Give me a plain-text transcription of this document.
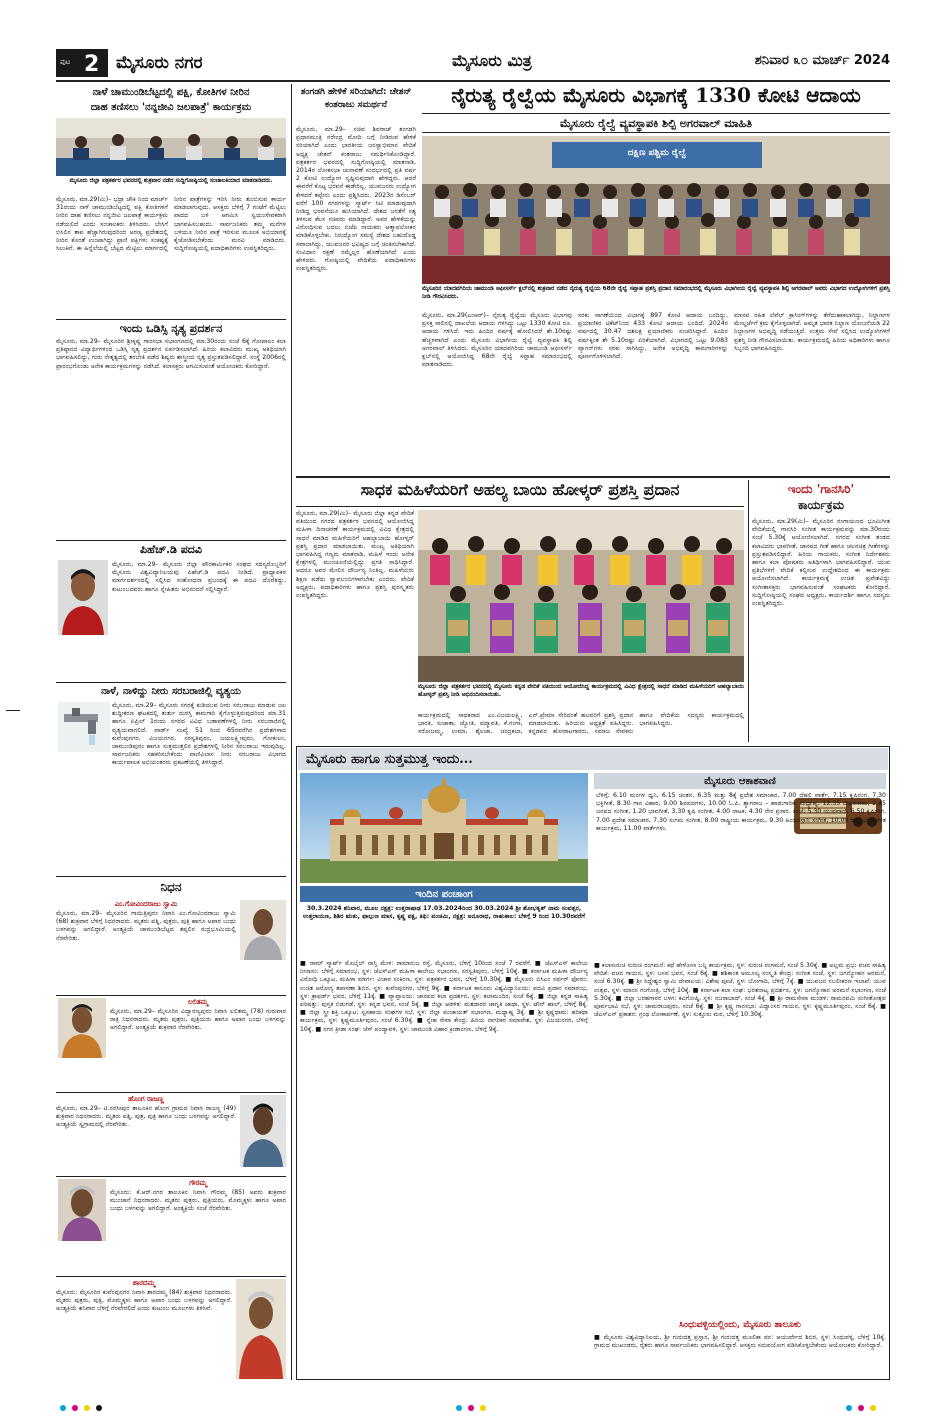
ಪುಟ 2 ಮೈಸೂರು ನಗರ	ಮೈಸೂರು ಮಿತ್ರ	ಶನಿವಾರ ೩೦ ಮಾರ್ಚ್ 2024
ನಾಳೆ ಚಾಮುಂಡಿಬೆಟ್ಟದಲ್ಲಿ ಪಕ್ಷಿ, ಕೋತಿಗಳ ನೀರಿನ
ದಾಹ ತಣಿಸಲು 'ನನ್ನಜೀವಿ ಜಲಪಾತ್ರೆ' ಕಾರ್ಯಕ್ರಮ
ಮೈಸೂರು ಜಿಲ್ಲಾ ಪತ್ರಕರ್ತರ ಭವನದಲ್ಲಿ ಶುಕ್ರವಾರ ನಡೆದ ಸುದ್ದಿಗೋಷ್ಠಿಯಲ್ಲಿ ಸಂಚಾಲಕಿಯಾದ ಮಾತನಾಡಿದರು.
ಮೈಸೂರು, ಮಾ.29(ಮಿ)– ಭದ್ರಾ ಚೌಕಿ ನಿಂದ ಮಾರ್ಚ್ 31ರಂದು ನಾಳೆ ಚಾಮುಂಡಿಬೆಟ್ಟದಲ್ಲಿ ಪಕ್ಷಿ ಕೋತಿಗಳಿಗೆ ನೀರಿನ ದಾಹ ತಣಿಸಲು ನನ್ನಜೀವಿ ಜಲಪಾತ್ರೆ ಕಾರ್ಯಕ್ರಮ ನಡೆಯಲಿದೆ ಎಂದು ಸಂಚಾಲಕರು ತಿಳಿಸಿದರು. ಬೇಸಿಗೆ ಬಿಸಿಲಿನ ತಾಪ ಹೆಚ್ಚಾಗಿರುವುದರಿಂದ ಅರಣ್ಯ ಪ್ರದೇಶದಲ್ಲಿ ನೀರಿನ ಕೊರತೆ ಉಂಟಾಗಿದ್ದು ಪ್ರಾಣಿ ಪಕ್ಷಿಗಳು ಸಂಕಷ್ಟಕ್ಕೆ ಸಿಲುಕಿವೆ. ಈ ಹಿನ್ನೆಲೆಯಲ್ಲಿ ಬೆಟ್ಟದ ಮೆಟ್ಟಿಲು ಮಾರ್ಗದಲ್ಲಿ ನೀರಿನ ಪಾತ್ರೆಗಳನ್ನು ಇರಿಸಿ ನೀರು ತುಂಬಿಸುವ ಕಾರ್ಯ ಮಾಡಲಾಗುವುದು. ಆಸಕ್ತರು ಬೆಳಿಗ್ಗೆ 7 ಗಂಟೆಗೆ ಮೆಟ್ಟಿಲು ಪಾದದ ಬಳಿ ಆಗಮಿಸಿ ಸ್ವಯಂಸೇವಕರಾಗಿ ಭಾಗವಹಿಸಬಹುದು. ಸಾರ್ವಜನಿಕರು ತಮ್ಮ ಮನೆಗಳ ಬಳಿಯೂ ನೀರಿನ ಪಾತ್ರೆ ಇರಿಸುವ ಮೂಲಕ ಅಭಿಯಾನಕ್ಕೆ ಕೈಜೋಡಿಸಬೇಕೆಂದು ಮನವಿ ಮಾಡಿದರು. ಸುದ್ದಿಗೋಷ್ಠಿಯಲ್ಲಿ ಪದಾಧಿಕಾರಿಗಳು ಉಪಸ್ಥಿತರಿದ್ದರು.
ಇಂದು ಒಡಿಸ್ಸಿ ನೃತ್ಯ ಪ್ರದರ್ಶನ
ಮೈಸೂರು, ಮಾ.29– ಮೈಸೂರಿನ ಶ್ರೀಕೃಷ್ಣ ಗಾನಸಭಾ ಸಭಾಂಗಣದಲ್ಲಿ ಮಾ.30ರಂದು ಸಂಜೆ 6ಕ್ಕೆ ಗೋಪಾಲಂ ಕಲಾ ಪ್ರತಿಷ್ಠಾನದ ವಿದ್ಯಾರ್ಥಿಗಳಿಂದ ಒಡಿಸ್ಸಿ ನೃತ್ಯ ಪ್ರದರ್ಶನ ಏರ್ಪಡಿಸಲಾಗಿದೆ. ಹಿರಿಯ ಕಲಾವಿದರು ಮುಖ್ಯ ಅತಿಥಿಯಾಗಿ ಭಾಗವಹಿಸಲಿದ್ದು, ಗುರು ನೇತೃತ್ವದಲ್ಲಿ ತರಬೇತಿ ಪಡೆದ ಶಿಷ್ಯರು ಶಾಸ್ತ್ರೀಯ ನೃತ್ಯ ಪ್ರಸ್ತುತಪಡಿಸಲಿದ್ದಾರೆ. ಸಂಸ್ಥೆ 2006ರಲ್ಲಿ ಪ್ರಾರಂಭಗೊಂಡು ಅನೇಕ ಕಾರ್ಯಕ್ರಮಗಳನ್ನು ನಡೆಸಿದೆ. ಕಲಾಸಕ್ತರು ಆಗಮಿಸುವಂತೆ ಆಯೋಜಕರು ಕೋರಿದ್ದಾರೆ.
ಪಿಹೆಚ್.ಡಿ ಪದವಿ
ಮೈಸೂರು, ಮಾ.29– ಮೈಸೂರು ಜಿಲ್ಲಾ ಪೌರಕಾರ್ಮಿಕರ ಸಂಘದ ಸದಸ್ಯರೊಬ್ಬರಿಗೆ ಮೈಸೂರು ವಿಶ್ವವಿದ್ಯಾನಿಲಯವು ಪಿಹೆಚ್.ಡಿ ಪದವಿ ನೀಡಿದೆ. ಪ್ರಾಧ್ಯಾಪಕರ ಮಾರ್ಗದರ್ಶನದಲ್ಲಿ ಸಲ್ಲಿಸಿದ ಸಂಶೋಧನಾ ಪ್ರಬಂಧಕ್ಕೆ ಈ ಪದವಿ ದೊರೆತಿದ್ದು, ಕುಟುಂಬದವರು ಹಾಗೂ ಸ್ನೇಹಿತರು ಅಭಿನಂದನೆ ಸಲ್ಲಿಸಿದ್ದಾರೆ.
ನಾಳೆ, ನಾಳಿದ್ದು ನೀರು ಸರಬರಾಜಿಲ್ಲಿ ವ್ಯತ್ಯಯ
ಮೈಸೂರು, ಮಾ.29– ಮೈಸೂರು ನಗರಕ್ಕೆ ಕುಡಿಯುವ ನೀರು ಸರಬರಾಜು ಮಾಡುವ ಜಲ ಶುದ್ಧೀಕರಣ ಘಟಕದಲ್ಲಿ ತುರ್ತು ದುರಸ್ತಿ ಕಾಮಗಾರಿ ಕೈಗೊಳ್ಳುತ್ತಿರುವುದರಿಂದ ಮಾ.31 ಹಾಗೂ ಏಪ್ರಿಲ್ 1ರಂದು ನಗರದ ವಿವಿಧ ಬಡಾವಣೆಗಳಲ್ಲಿ ನೀರು ಸರಬರಾಜಿನಲ್ಲಿ ವ್ಯತ್ಯಯವಾಗಲಿದೆ. ವಾರ್ಡ್ ಸಂಖ್ಯೆ 51 ರಿಂದ 65ರವರೆಗಿನ ಪ್ರದೇಶಗಳಾದ ಕುವೆಂಪುನಗರ, ವಿಜಯನಗರ, ಸರಸ್ವತಿಪುರಂ, ಜಯಲಕ್ಷ್ಮೀಪುರಂ, ಗೋಕುಲಂ, ಚಾಮುಂಡಿಪುರಂ ಹಾಗೂ ಸುತ್ತಮುತ್ತಲಿನ ಪ್ರದೇಶಗಳಲ್ಲಿ ನೀರಿನ ಸರಬರಾಜು ಇರುವುದಿಲ್ಲ. ಸಾರ್ವಜನಿಕರು ಸಹಕರಿಸಬೇಕೆಂದು ವಾಣಿವಿಲಾಸ ನೀರು ಸರಬರಾಜು ವಿಭಾಗದ ಕಾರ್ಯಪಾಲಕ ಅಭಿಯಂತರರು ಪ್ರಕಟಣೆಯಲ್ಲಿ ತಿಳಿಸಿದ್ದಾರೆ.
ನಿಧನ
ಎಂ.ಗೋವಿಂದರಾಜು ಸ್ವಾಮಿ
ಮೈಸೂರು, ಮಾ.29– ಮೈಸೂರಿನ ಗಾಯಿತ್ರಿಪುರಂ ನಿವಾಸಿ ಎಂ.ಗೋವಿಂದರಾಜು ಸ್ವಾಮಿ (68) ಶುಕ್ರವಾರ ಬೆಳಿಗ್ಗೆ ನಿಧನರಾದರು. ಮೃತರು ಪತ್ನಿ, ಪುತ್ರರು, ಪುತ್ರಿ ಹಾಗೂ ಅಪಾರ ಬಂಧು ಬಳಗವನ್ನು ಅಗಲಿದ್ದಾರೆ. ಅಂತ್ಯಕ್ರಿಯೆ ಚಾಮುಂಡಿಬೆಟ್ಟದ ತಪ್ಪಲಿನ ರುದ್ರಭೂಮಿಯಲ್ಲಿ ನೆರವೇರಿತು.
ಲಲಿತಮ್ಮ
ಮೈಸೂರು, ಮಾ.29– ಮೈಸೂರಿನ ವಿದ್ಯಾರಣ್ಯಪುರಂ ನಿವಾಸಿ ಲಲಿತಮ್ಮ (78) ಗುರುವಾರ ರಾತ್ರಿ ನಿಧನರಾದರು. ಮೃತರು ಪುತ್ರರು, ಪುತ್ರಿಯರು ಹಾಗೂ ಅಪಾರ ಬಂಧು ಬಳಗವನ್ನು ಅಗಲಿದ್ದಾರೆ. ಅಂತ್ಯಕ್ರಿಯೆ ಶುಕ್ರವಾರ ನೆರವೇರಿತು.
ಹೊಂಗ ರಾಜಣ್ಣ
ಮೈಸೂರು, ಮಾ.29– ಟಿ.ನರಸೀಪುರ ತಾಲೂಕಿನ ಹೊಂಗ ಗ್ರಾಮದ ನಿವಾಸಿ ರಾಜಣ್ಣ (49) ಶುಕ್ರವಾರ ನಿಧನರಾದರು. ಮೃತರು ಪತ್ನಿ, ಪುತ್ರ, ಪುತ್ರಿ ಹಾಗೂ ಬಂಧು ಬಳಗವನ್ನು ಅಗಲಿದ್ದಾರೆ. ಅಂತ್ಯಕ್ರಿಯೆ ಸ್ವಗ್ರಾಮದಲ್ಲಿ ನೆರವೇರಿತು.
ಗೌರಮ್ಮ
ಮೈಸೂರು: ಕೆ.ಆರ್.ನಗರ ತಾಲೂಕಿನ ನಿವಾಸಿ ಗೌರಮ್ಮ (85) ಅವರು ಶುಕ್ರವಾರ ಮುಂಜಾನೆ ನಿಧನರಾದರು. ಮೃತರು ಪುತ್ರರು, ಪುತ್ರಿಯರು, ಮೊಮ್ಮಕ್ಕಳು ಹಾಗೂ ಅಪಾರ ಬಂಧು ಬಳಗವನ್ನು ಅಗಲಿದ್ದಾರೆ. ಅಂತ್ಯಕ್ರಿಯೆ ಸಂಜೆ ನೆರವೇರಿತು.
ಶಾರದಮ್ಮ
ಮೈಸೂರು: ಮೈಸೂರಿನ ಕುವೆಂಪುನಗರ ನಿವಾಸಿ ಶಾರದಮ್ಮ (84) ಶುಕ್ರವಾರ ನಿಧನರಾದರು. ಮೃತರು ಪುತ್ರರು, ಪುತ್ರಿ, ಮೊಮ್ಮಕ್ಕಳು ಹಾಗೂ ಅಪಾರ ಬಂಧು ಬಳಗವನ್ನು ಅಗಲಿದ್ದಾರೆ. ಅಂತ್ಯಕ್ರಿಯೆ ಶನಿವಾರ ಬೆಳಿಗ್ಗೆ ನೆರವೇರಲಿದೆ ಎಂದು ಕುಟುಂಬ ಮೂಲಗಳು ತಿಳಿಸಿವೆ.
ತಂಗಡಗಿ ಹೇಳಿಕೆ ಸರಿಯಾಗಿದೆ: ಚೇತನ್ ಕಂತರಾಜು ಸಮರ್ಥನೆ
ಮೈಸೂರು, ಮಾ.29– ಸಚಿವ ಶಿವರಾಜ್ ತಂಗಡಗಿ ಪ್ರಧಾನಮಂತ್ರಿ ನರೇಂದ್ರ ಮೋದಿ ಬಗ್ಗೆ ನೀಡಿರುವ ಹೇಳಿಕೆ ಸರಿಯಾಗಿದೆ ಎಂದು ಭಾರತೀಯ ಜನಸ್ವಾಭಿಮಾನ ವೇದಿಕೆ ಅಧ್ಯಕ್ಷ ಚೇತನ್ ಕಂತರಾಜು ಸಮರ್ಥಿಸಿಕೊಂಡಿದ್ದಾರೆ. ಪತ್ರಕರ್ತರ ಭವನದಲ್ಲಿ ಸುದ್ದಿಗೋಷ್ಠಿಯಲ್ಲಿ ಮಾತನಾಡಿ, 2014ರ ಲೋಕಸಭಾ ಚುನಾವಣೆ ಸಂದರ್ಭದಲ್ಲಿ ಪ್ರತಿ ವರ್ಷ 2 ಕೋಟಿ ಉದ್ಯೋಗ ಸೃಷ್ಟಿಸುವುದಾಗಿ ಹೇಳಿದ್ದರು. ಆದರೆ ಈವರೆಗೆ ಕೊಟ್ಟ ಭರವಸೆ ಈಡೇರಿಲ್ಲ. ಯುವಜನರು ಉದ್ಯೋಗ ಕೇಳಿದರೆ ತಪ್ಪೇನು ಎಂದು ಪ್ರಶ್ನಿಸಿದರು. 2023ರ ಡಿಸೆಂಬರ್ ವರೆಗೆ 100 ನಗರಗಳನ್ನು ಸ್ಮಾರ್ಟ್ ಸಿಟಿ ಮಾಡುವುದಾಗಿ ನೀಡಿದ್ದ ಭರವಸೆಯೂ ಹುಸಿಯಾಗಿದೆ. ದೇಶದ ಜನತೆಗೆ ಸತ್ಯ ತಿಳಿಸುವ ಕೆಲಸ ಸಚಿವರು ಮಾಡಿದ್ದಾರೆ. ಅವರ ಹೇಳಿಕೆಯನ್ನು ವಿರೋಧಿಸುವ ಬದಲು ಬಿಜೆಪಿ ನಾಯಕರು ಆತ್ಮಾವಲೋಕನ ಮಾಡಿಕೊಳ್ಳಬೇಕು. ನಿರುದ್ಯೋಗ ಸಮಸ್ಯೆ ದೇಶದ ಬಹುದೊಡ್ಡ ಸವಾಲಾಗಿದ್ದು, ಯುವಜನರ ಭವಿಷ್ಯದ ಬಗ್ಗೆ ಚಿಂತಿಸಬೇಕಾಗಿದೆ. ಸಂವಿಧಾನ ರಕ್ಷಣೆ ನಮ್ಮೆಲ್ಲರ ಹೊಣೆಯಾಗಿದೆ ಎಂದು ಹೇಳಿದರು. ಗೋಷ್ಠಿಯಲ್ಲಿ ವೇದಿಕೆಯ ಪದಾಧಿಕಾರಿಗಳು ಉಪಸ್ಥಿತರಿದ್ದರು.
ನೈರುತ್ಯ ರೈಲ್ವೆಯ ಮೈಸೂರು ವಿಭಾಗಕ್ಕೆ 1330 ಕೋಟಿ ಆದಾಯ
ಮೈಸೂರು ರೈಲ್ವೆ ವ್ಯವಸ್ಥಾಪಕಿ ಶಿಲ್ಪಿ ಅಗರವಾಲ್ ಮಾಹಿತಿ
ದಕ್ಷಿಣ ಪಶ್ಚಿಮ ರೈಲ್ವೆ
ಮೈಸೂರಿನ ಯಾದವಗಿರಿಯ ಚಾಮುಂಡಿ ಆಫೀಸರ್ಸ್ ಕ್ಲಬ್‌ನಲ್ಲಿ ಶುಕ್ರವಾರ ನಡೆದ ನೈರುತ್ಯ ರೈಲ್ವೆಯ 68ನೇ ರೈಲ್ವೆ ಸಪ್ತಾಹ ಪ್ರಶಸ್ತಿ ಪ್ರದಾನ ಸಮಾರಂಭದಲ್ಲಿ ಮೈಸೂರು ವಿಭಾಗೀಯ ರೈಲ್ವೆ ವ್ಯವಸ್ಥಾಪಕಿ ಶಿಲ್ಪಿ ಅಗರವಾಲ್ ಅವರು ವಿಭಾಗದ ಉದ್ಯೋಗಿಗಳಿಗೆ ಪ್ರಶಸ್ತಿ ನೀಡಿ ಗೌರವಿಸಿದರು.
ಮೈಸೂರು, ಮಾ.29(ಎಂಆರ್)– ನೈರುತ್ಯ ರೈಲ್ವೆಯ ಮೈಸೂರು ವಿಭಾಗವು ಪ್ರಸಕ್ತ ಸಾಲಿನಲ್ಲಿ ದಾಖಲೆಯ ಆದಾಯ ಗಳಿಸಿದ್ದು ಒಟ್ಟು 1330 ಕೋಟಿ ರೂ. ಆದಾಯ ಗಳಿಸಿದೆ. ಇದು ಹಿಂದಿನ ವರ್ಷಕ್ಕೆ ಹೋಲಿಸಿದರೆ ಶೇ.10ರಷ್ಟು ಹೆಚ್ಚಳವಾಗಿದೆ ಎಂದು ಮೈಸೂರು ವಿಭಾಗೀಯ ರೈಲ್ವೆ ವ್ಯವಸ್ಥಾಪಕಿ ಶಿಲ್ಪಿ ಅಗರವಾಲ್ ತಿಳಿಸಿದರು. ಮೈಸೂರಿನ ಯಾದವಗಿರಿಯ ಚಾಮುಂಡಿ ಆಫೀಸರ್ಸ್ ಕ್ಲಬ್‌ನಲ್ಲಿ ಆಯೋಜಿಸಿದ್ದ 68ನೇ ರೈಲ್ವೆ ಸಪ್ತಾಹ ಸಮಾರಂಭದಲ್ಲಿ ಮಾತನಾಡಿದರು.
ಸರಕು ಸಾಗಣೆಯಿಂದ ವಿಭಾಗಕ್ಕೆ 897 ಕೋಟಿ ಆದಾಯ ಬಂದಿದ್ದು, ಪ್ರಯಾಣಿಕರ ಟಿಕೆಟ್‌ನಿಂದ 433 ಕೋಟಿ ಆದಾಯ ಬಂದಿದೆ. 2024ರ ವರ್ಷದಲ್ಲಿ 30.47 ದಶಲಕ್ಷ ಪ್ರಯಾಣಿಕರು ಸಂಚರಿಸಿದ್ದಾರೆ. ಹಿಂದಿನ ವರ್ಷಕ್ಕಿಂತ ಶೇ 5.10ರಷ್ಟು ಏರಿಕೆಯಾಗಿದೆ. ವಿಭಾಗದಲ್ಲಿ ಒಟ್ಟು 9,083 ವ್ಯಾಗನ್‌ಗಳು ಸರಕು ಸಾಗಿಸಿದ್ದು, ಅನೇಕ ಅಭಿವೃದ್ಧಿ ಕಾಮಗಾರಿಗಳನ್ನು ಪೂರ್ಣಗೊಳಿಸಲಾಗಿದೆ.
ಮಾನವ ರಹಿತ ಲೆವೆಲ್ ಕ್ರಾಸಿಂಗ್‌ಗಳನ್ನು ತೆಗೆದುಹಾಕಲಾಗಿದ್ದು, ನಿಲ್ದಾಣಗಳ ಮೇಲ್ದರ್ಜೆಗೆ ಕ್ರಮ ಕೈಗೊಳ್ಳಲಾಗಿದೆ. ಅಮೃತ ಭಾರತ ನಿಲ್ದಾಣ ಯೋಜನೆಯಡಿ 22 ನಿಲ್ದಾಣಗಳ ಅಭಿವೃದ್ಧಿ ನಡೆಯುತ್ತಿದೆ. ಉತ್ತಮ ಸೇವೆ ಸಲ್ಲಿಸಿದ ಉದ್ಯೋಗಿಗಳಿಗೆ ಪ್ರಶಸ್ತಿ ನೀಡಿ ಗೌರವಿಸಲಾಯಿತು. ಕಾರ್ಯಕ್ರಮದಲ್ಲಿ ಹಿರಿಯ ಅಧಿಕಾರಿಗಳು ಹಾಗೂ ಸಿಬ್ಬಂದಿ ಭಾಗವಹಿಸಿದ್ದರು.
ಸಾಧಕ ಮಹಿಳೆಯರಿಗೆ ಅಹಲ್ಯ ಬಾಯಿ ಹೋಳ್ಕರ್ ಪ್ರಶಸ್ತಿ ಪ್ರದಾನ
ಮೈಸೂರು, ಮಾ.29(ಮಿ)– ಮೈಸೂರು ಜಿಲ್ಲಾ ಕನ್ನಡ ವೇದಿಕೆ ವತಿಯಿಂದ ನಗರದ ಪತ್ರಕರ್ತರ ಭವನದಲ್ಲಿ ಆಯೋಜಿಸಿದ್ದ ಮಹಿಳಾ ದಿನಾಚರಣೆ ಕಾರ್ಯಕ್ರಮದಲ್ಲಿ ವಿವಿಧ ಕ್ಷೇತ್ರದಲ್ಲಿ ಸಾಧನೆ ಮಾಡಿದ ಮಹಿಳೆಯರಿಗೆ ಅಹಲ್ಯಾಬಾಯಿ ಹೋಳ್ಕರ್ ಪ್ರಶಸ್ತಿ ಪ್ರದಾನ ಮಾಡಲಾಯಿತು. ಮುಖ್ಯ ಅತಿಥಿಯಾಗಿ ಭಾಗವಹಿಸಿದ್ದ ಗಣ್ಯರು ಮಾತನಾಡಿ, ಮಹಿಳೆ ಇಂದು ಅನೇಕ ಕ್ಷೇತ್ರಗಳಲ್ಲಿ ಮುಂಚೂಣಿಯಲ್ಲಿದ್ದು ಪ್ರಗತಿ ಸಾಧಿಸಿದ್ದಾರೆ. ಆದರೂ ಅವರ ಮೇಲಿನ ದೌರ್ಜನ್ಯ ನಿಂತಿಲ್ಲ. ಮಹಿಳೆಯರು ಶಿಕ್ಷಣ ಪಡೆದು ಸ್ವಾವಲಂಬಿಗಳಾಗಬೇಕು ಎಂದರು. ವೇದಿಕೆ ಅಧ್ಯಕ್ಷರು, ಪದಾಧಿಕಾರಿಗಳು ಹಾಗೂ ಪ್ರಶಸ್ತಿ ಪುರಸ್ಕೃತರು ಉಪಸ್ಥಿತರಿದ್ದರು.
ಮೈಸೂರು ಜಿಲ್ಲಾ ಪತ್ರಕರ್ತರ ಭವನದಲ್ಲಿ ಮೈಸೂರು ಕನ್ನಡ ವೇದಿಕೆ ವತಿಯಿಂದ ಆಯೋಜಿಸಿದ್ದ ಕಾರ್ಯಕ್ರಮದಲ್ಲಿ ವಿವಿಧ ಕ್ಷೇತ್ರದಲ್ಲಿ ಸಾಧನೆ ಮಾಡಿದ ಮಹಿಳೆಯರಿಗೆ ಅಹಲ್ಯಾಬಾಯಿ ಹೋಳ್ಕರ್ ಪ್ರಶಸ್ತಿ ನೀಡಿ ಅಭಿನಂದಿಸಲಾಯಿತು.
ಕಾರ್ಯಕ್ರಮದಲ್ಲಿ ಸಾಧಕರಾದ ಎಂ.ವಿಜಯಲಕ್ಷ್ಮಿ, ಭಾರತಿ, ಸುಜಾತಾ, ಜ್ಯೋತಿ, ಪದ್ಮಾವತಿ, ಕೆ.ಗಂಗಾ, ಸರೋಜಮ್ಮ, ಉಮಾ, ಶೈಲಜಾ, ಚಂದ್ರಕಲಾ, ಎನ್.ಪ್ರೇಮಾ ಸೇರಿದಂತೆ ಹಲವರಿಗೆ ಪ್ರಶಸ್ತಿ ಪ್ರದಾನ ಮಾಡಲಾಯಿತು. ಹಿರಿಯರು ಅಧ್ಯಕ್ಷತೆ ವಹಿಸಿದ್ದರು. ಕನ್ನಡಪರ ಹೋರಾಟಗಾರರು, ಸಮಾಜ ಸೇವಕರು ಹಾಗೂ ವೇದಿಕೆಯ ಸದಸ್ಯರು ಕಾರ್ಯಕ್ರಮದಲ್ಲಿ ಭಾಗವಹಿಸಿದ್ದರು.
ಇಂದು 'ಗಾನಸಿರಿ'
ಕಾರ್ಯಕ್ರಮ
ಮೈಸೂರು, ಮಾ.29(ಮಿ)– ಮೈಸೂರಿನ ರಂಗಾಯಣದ ಭೂಮಿಗೀತ ವೇದಿಕೆಯಲ್ಲಿ ಗಾನಸಿರಿ ಸಂಗೀತ ಕಾರ್ಯಕ್ರಮವನ್ನು ಮಾ.30ರಂದು ಸಂಜೆ 5.30ಕ್ಕೆ ಆಯೋಜಿಸಲಾಗಿದೆ. ನಗರದ ಸಂಗೀತ ತಂಡದ ಕಲಾವಿದರು ಭಾವಗೀತೆ, ಜಾನಪದ ಗೀತೆ ಹಾಗೂ ಚಲನಚಿತ್ರ ಗೀತೆಗಳನ್ನು ಪ್ರಸ್ತುತಪಡಿಸಲಿದ್ದಾರೆ. ಹಿರಿಯ ಗಾಯಕರು, ಸಂಗೀತ ನಿರ್ದೇಶಕರು ಹಾಗೂ ಕಲಾ ಪೋಷಕರು ಅತಿಥಿಗಳಾಗಿ ಭಾಗವಹಿಸಲಿದ್ದಾರೆ. ಯುವ ಪ್ರತಿಭೆಗಳಿಗೆ ವೇದಿಕೆ ಕಲ್ಪಿಸುವ ಉದ್ದೇಶದಿಂದ ಈ ಕಾರ್ಯಕ್ರಮ ಆಯೋಜಿಸಲಾಗಿದೆ. ಕಾರ್ಯಕ್ರಮಕ್ಕೆ ಉಚಿತ ಪ್ರವೇಶವಿದ್ದು ಸಂಗೀತಾಸಕ್ತರು ಭಾಗವಹಿಸುವಂತೆ ಸಂಘಟಕರು ಕೋರಿದ್ದಾರೆ. ಸುದ್ದಿಗೋಷ್ಠಿಯಲ್ಲಿ ಸಂಘದ ಅಧ್ಯಕ್ಷರು, ಕಾರ್ಯದರ್ಶಿ ಹಾಗೂ ಸದಸ್ಯರು ಉಪಸ್ಥಿತರಿದ್ದರು.
ಮೈಸೂರು ಹಾಗೂ ಸುತ್ತಮುತ್ತ ಇಂದು...
ಇಂದಿನ ಪಂಚಾಂಗ
30.3.2024 ಶನಿವಾರ, ಮೂಲ ನಕ್ಷತ್ರ: ಉತ್ತರಾಷಾಢ 17.03.2024ರಿಂದ 30.03.2024 ಶ್ರೀ ಶೋಭಕೃತ್ ನಾಮ ಸಂವತ್ಸರ, ಉತ್ತರಾಯಣ, ಶಿಶಿರ ಋತು, ಫಾಲ್ಗುಣ ಮಾಸ, ಕೃಷ್ಣ ಪಕ್ಷ, ತಿಥಿ: ಪಂಚಮಿ, ನಕ್ಷತ್ರ: ಅನೂರಾಧ, ರಾಹುಕಾಲ: ಬೆಳಿಗ್ಗೆ 9 ರಿಂದ 10.30ರವರೆಗೆ
ಮೈಸೂರು ಆಕಾಶವಾಣಿ
ಬೆಳಿಗ್ಗೆ: 6.10 ಮಂಗಳ ಧ್ವನಿ, 6.15 ಚಿಂತನ, 6.35 ಮತ್ತು 8ಕ್ಕೆ ಪ್ರದೇಶ ಸಮಾಚಾರ, 7.00 ದೆಹಲಿ ವಾರ್ತೆ, 7.15 ಕೃಷಿರಂಗ, 7.30 ಭಕ್ತಿಗೀತೆ, 8.30 ಗಾನ ವಿಹಾರ, 9.00 ಶಿವಪದಗಳು, 10.00 ಓ.ಪಿ. ತ್ಯಾಗರಾಜ – ಹಾಡುಗಾರಿಕೆ. ಮಧ್ಯಾಹ್ನ: 12.35 ದೇವರನಾಮ, 2.45 ಜನಪದ ಸಂಗೀತ, 1.20 ಭಾವಗೀತೆ, 3.30 ಕೃಷಿ ಸಂಗೀತ, 4.00 ನಾಟಕ, 4.30 ನೇರ ಪ್ರಸಾರ. ಸಂಜೆ: 5.30 ಯುವವಾಣಿ, 6.50 ಕೃಷಿರಂಗ, 7.00 ಪ್ರದೇಶ ಸಮಾಚಾರ, 7.30 ಸುಗಮ ಸಂಗೀತ, 8.00 ರಾಷ್ಟ್ರೀಯ ಕಾರ್ಯಕ್ರಮ, 9.30 ಹಿಂದೂಸ್ತಾನಿ ಸಂಗೀತ, 10.00 ರಾಷ್ಟ್ರೀಯ ಸಂಗೀತ ಕಾರ್ಯಕ್ರಮ, 11.00 ವಾರ್ತೆಗಳು.
■ ರಾಮ್‌ ಸ್ಮಾರ್ಟ್ ಮೊಬೈಲ್ ನಾಸ್ತಿ ಮೇಳ: ರಾಮಾನುಜ ರಸ್ತೆ, ಮೈಸೂರು, ಬೆಳಿಗ್ಗೆ 10ರಿಂದ ಸಂಜೆ 7 ರವರೆಗೆ. ■ ಜೆಎಸ್‌ಎಸ್ ಕಾಲೇಜು ನೀನಾಸಂ: ಬೆಳಿಗ್ಗೆ ಸಮಾರಂಭ, ಸ್ಥಳ: ಜೆಎಸ್‌ಎಸ್ ಮಹಿಳಾ ಕಾಲೇಜು ಸಭಾಂಗಣ, ಸರಸ್ವತಿಪುರಂ, ಬೆಳಿಗ್ಗೆ 10ಕ್ಕೆ. ■ ಕರ್ನಾಟಕ ಮಹಿಳಾ ದೌರ್ಜನ್ಯ ವಿರೋಧಿ ಒಕ್ಕೂಟ, ಮಹಿಳಾ ಮಾರ್ಗ: ವಿಚಾರ ಸಂಕಿರಣ, ಸ್ಥಳ: ಪತ್ರಕರ್ತರ ಭವನ, ಬೆಳಿಗ್ಗೆ 10.30ಕ್ಕೆ. ■ ಮೈಸೂರು ಬಿಸಿಎಂ ಸರ್ವರ್ ಫೋರಂ: ಉಚಿತ ಆರೋಗ್ಯ ತಪಾಸಣಾ ಶಿಬಿರ, ಸ್ಥಳ: ಕುವೆಂಪುನಗರ, ಬೆಳಿಗ್ಗೆ 9ಕ್ಕೆ. ■ ಕರ್ನಾಟಕ ಕಾನೂನು ವಿಶ್ವವಿದ್ಯಾನಿಲಯ: ಪದವಿ ಪ್ರದಾನ ಸಮಾರಂಭ, ಸ್ಥಳ: ಕ್ರಾಫರ್ಡ್ ಭವನ, ಬೆಳಿಗ್ಗೆ 11ಕ್ಕೆ. ■ ವ್ಯಾಪ್ತಾಲಯ: ಜಾನಪದ ಕಲಾ ಪ್ರದರ್ಶನ, ಸ್ಥಳ: ಕಲಾಮಂದಿರ, ಸಂಜೆ 6ಕ್ಕೆ. ■ ಜಿಲ್ಲಾ ಕನ್ನಡ ಸಾಹಿತ್ಯ ಪರಿಷತ್ತು: ಪುಸ್ತಕ ಬಿಡುಗಡೆ, ಸ್ಥಳ: ಕನ್ನಡ ಭವನ, ಸಂಜೆ 5ಕ್ಕೆ. ■ ಜಿಲ್ಲಾ ಆಡಳಿತ: ಮತದಾರರ ಜಾಗೃತಿ ಜಾಥಾ, ಸ್ಥಳ: ಟೌನ್ ಹಾಲ್, ಬೆಳಿಗ್ಗೆ 8ಕ್ಕೆ. ■ ಜಿಲ್ಲಾ ಸ್ತ್ರೀ ಶಕ್ತಿ ಒಕ್ಕೂಟ: ಸ್ವಸಹಾಯ ಸಂಘಗಳ ಸಭೆ, ಸ್ಥಳ: ಜಿಲ್ಲಾ ಪಂಚಾಯತ್ ಸಭಾಂಗಣ, ಮಧ್ಯಾಹ್ನ 3ಕ್ಕೆ. ■ ಶ್ರೀ ಕೃಷ್ಣಧಾಮ: ಹರಿಕಥಾ ಕಾರ್ಯಕ್ರಮ, ಸ್ಥಳ: ಕೃಷ್ಣಮೂರ್ತಿಪುರಂ, ಸಂಜೆ 6.30ಕ್ಕೆ. ■ ಸ್ನೇಹ ಸೇವಾ ಕೇಂದ್ರ: ಹಿರಿಯ ನಾಗರಿಕರ ಸಮಾವೇಶ, ಸ್ಥಳ: ವಿಜಯನಗರ, ಬೆಳಿಗ್ಗೆ 10ಕ್ಕೆ. ■ ನಗರ ಕ್ರೀಡಾ ಸಂಘ: ಚೆಸ್ ಪಂದ್ಯಾವಳಿ, ಸ್ಥಳ: ಚಾಮುಂಡಿ ವಿಹಾರ ಕ್ರೀಡಾಂಗಣ, ಬೆಳಿಗ್ಗೆ 9ಕ್ಕೆ.
■ ಕಲಾಸುರುಚಿ ಸುರುಚಿ ರಂಗಮನೆ: ಕಥೆ ಹೇಳೋಣ ಬನ್ನಿ ಕಾರ್ಯಕ್ರಮ, ಸ್ಥಳ: ಸುರುಚಿ ರಂಗಮನೆ, ಸಂಜೆ 5.30ಕ್ಕೆ. ■ ಅಲ್ಲಮ ಪ್ರಭು ವಚನ ಸಾಹಿತ್ಯ ವೇದಿಕೆ: ವಚನ ಗಾಯನ, ಸ್ಥಳ: ಬಸವ ಭವನ, ಸಂಜೆ 6ಕ್ಕೆ. ■ ಶಶಿಕಾಂತ ಅಮೂಲ್ಯ ಸಂಸ್ಕೃತಿ ಕೇಂದ್ರ: ಸಂಗೀತ ಸಂಜೆ, ಸ್ಥಳ: ಜಗನ್ಮೋಹನ ಅರಮನೆ, ಸಂಜೆ 6.30ಕ್ಕೆ. ■ ಶ್ರೀ ಸಿದ್ದೇಶ್ವರ ಸ್ವಾಮಿ ದೇವಾಲಯ: ವಿಶೇಷ ಪೂಜೆ, ಸ್ಥಳ: ಬೋಗಾದಿ, ಬೆಳಿಗ್ಗೆ 7ಕ್ಕೆ. ■ ಯುವಜನ ಸಬಲೀಕರಣ ಇಲಾಖೆ: ಯುವ ಉತ್ಸವ, ಸ್ಥಳ: ಮಾನಸ ಗಂಗೋತ್ರಿ, ಬೆಳಿಗ್ಗೆ 10ಕ್ಕೆ. ■ ಕರ್ನಾಟಕ ಕಲಾ ಸಂಘ: ಭರತನಾಟ್ಯ ಪ್ರದರ್ಶನ, ಸ್ಥಳ: ಜಗನ್ಮೋಹನ ಅರಮನೆ ಸಭಾಂಗಣ, ಸಂಜೆ 5.30ಕ್ಕೆ. ■ ಜಿಲ್ಲಾ ಬರಹಗಾರರ ಬಳಗ: ಕವಿಗೋಷ್ಠಿ, ಸ್ಥಳ: ನಜರಾಬಾದ್, ಸಂಜೆ 4ಕ್ಕೆ. ■ ಶ್ರೀ ರಾಮಸೇವಾ ಮಂಡಳಿ: ರಾಮನವಮಿ ಸಂಗೀತೋತ್ಸವ ಪೂರ್ವಭಾವಿ ಸಭೆ, ಸ್ಥಳ: ಚಾಮರಾಜಪುರಂ, ಸಂಜೆ 6ಕ್ಕೆ. ■ ಶ್ರೀ ಕೃಷ್ಣ ಗಾನಸಭಾ: ವಿದ್ವಾಂಸರ ಗಾಯನ, ಸ್ಥಳ: ಕೃಷ್ಣಮೂರ್ತಿಪುರಂ, ಸಂಜೆ 6ಕ್ಕೆ. ■ ಜೆಎಸ್‌ಎಸ್ ಪ್ರಕಾಶನ: ಗ್ರಂಥ ಲೋಕಾರ್ಪಣೆ, ಸ್ಥಳ: ಸುತ್ತೂರು ಮಠ, ಬೆಳಿಗ್ಗೆ 10.30ಕ್ಕೆ.
ಸಿಂಧುವಳ್ಳಿಯಲ್ಲಿಂದು, ಮೈಸೂರು ತಾಲೂಕು
■ ಮೈಸೂರು ವಿಶ್ವವಿದ್ಯಾನಿಲಯ, ಶ್ರೀ ಗುರುದತ್ತ ಪ್ರಸ್ತಾನ, ಶ್ರೀ ಗುರುದತ್ತ ಮೂಲಿಕಾ ವನ: ಆಯುರ್ವೇದ ಶಿಬಿರ, ಸ್ಥಳ: ಸಿಂಧುವಳ್ಳಿ, ಬೆಳಿಗ್ಗೆ 10ಕ್ಕೆ. ಗ್ರಾಮದ ಮುಖಂಡರು, ರೈತರು ಹಾಗೂ ಸಾರ್ವಜನಿಕರು ಭಾಗವಹಿಸಲಿದ್ದಾರೆ. ಆಸಕ್ತರು ಸದುಪಯೋಗ ಪಡಿಸಿಕೊಳ್ಳಬೇಕೆಂದು ಆಯೋಜಕರು ಕೋರಿದ್ದಾರೆ.
